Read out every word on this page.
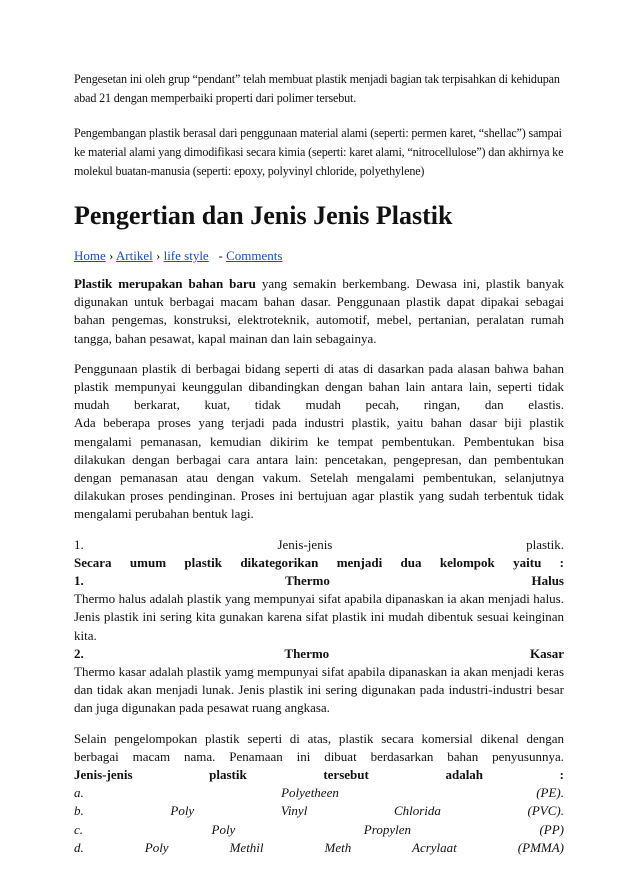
Pengesetan ini oleh grup “pendant” telah membuat plastik menjadi bagian tak terpisahkan di kehidupan abad 21 dengan memperbaiki properti dari polimer tersebut.

Pengembangan plastik berasal dari penggunaan material alami (seperti: permen karet, “shellac”) sampai ke material alami yang dimodifikasi secara kimia (seperti: karet alami, “nitrocellulose”) dan akhirnya ke molekul buatan-manusia (seperti: epoxy, polyvinyl chloride, polyethylene)

Pengertian dan Jenis Jenis Plastik
Home › Artikel › life style   - Comments

Plastik merupakan bahan baru yang semakin berkembang. Dewasa ini, plastik banyak digunakan untuk berbagai macam bahan dasar. Penggunaan plastik dapat dipakai sebagai bahan pengemas, konstruksi, elektroteknik, automotif, mebel, pertanian, peralatan rumah tangga, bahan pesawat, kapal mainan dan lain sebagainya.

Penggunaan plastik di berbagai bidang seperti di atas di dasarkan pada alasan bahwa bahan plastik mempunyai keunggulan dibandingkan dengan bahan lain antara lain, seperti tidak mudah berkarat, kuat, tidak mudah pecah, ringan, dan elastis.
Ada beberapa proses yang terjadi pada industri plastik, yaitu bahan dasar biji plastik mengalami pemanasan, kemudian dikirim ke tempat pembentukan. Pembentukan bisa dilakukan dengan berbagai cara antara lain: pencetakan, pengepresan, dan pembentukan dengan pemanasan atau dengan vakum. Setelah mengalami pembentukan, selanjutnya dilakukan proses pendinginan. Proses ini bertujuan agar plastik yang sudah terbentuk tidak mengalami perubahan bentuk lagi.

1. Jenis-jenis plastik.
Secara umum plastik dikategorikan menjadi dua kelompok yaitu :
1. Thermo Halus
Thermo halus adalah plastik yang mempunyai sifat apabila dipanaskan ia akan menjadi halus. Jenis plastik ini sering kita gunakan karena sifat plastik ini mudah dibentuk sesuai keinginan kita.
2. Thermo Kasar
Thermo kasar adalah plastik yamg mempunyai sifat apabila dipanaskan ia akan menjadi keras dan tidak akan menjadi lunak. Jenis plastik ini sering digunakan pada industri-industri besar dan juga digunakan pada pesawat ruang angkasa.
Selain pengelompokan plastik seperti di atas, plastik secara komersial dikenal dengan berbagai macam nama. Penamaan ini dibuat berdasarkan bahan penyusunnya.
Jenis-jenis plastik tersebut adalah :
a. Polyetheen (PE).
b. Poly Vinyl Chlorida (PVC).
c. Poly Propylen (PP)
d. Poly Methil Meth Acrylaat (PMMA)
